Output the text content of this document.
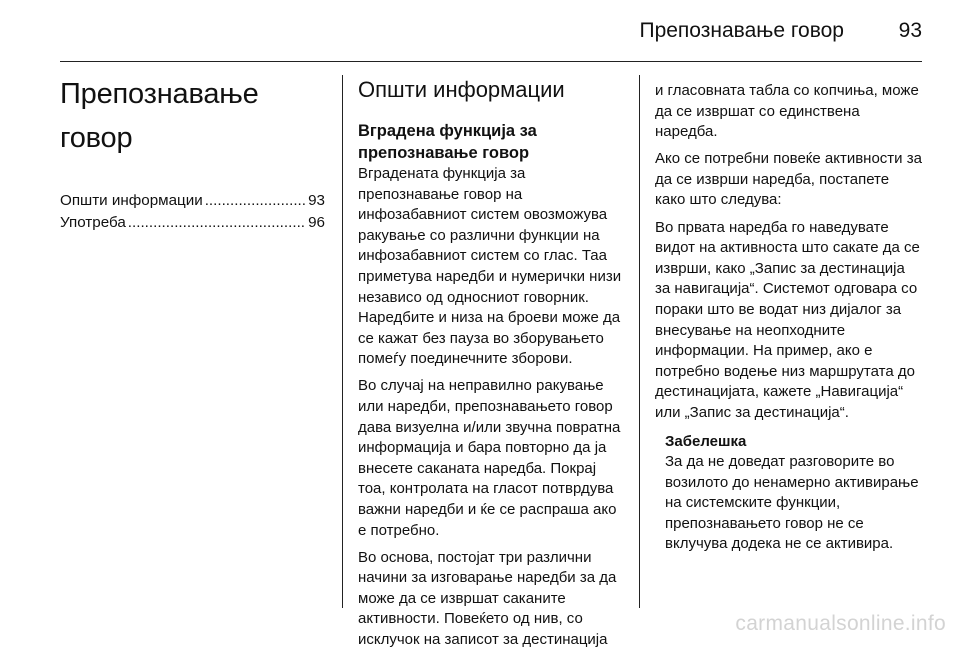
Препознавање говор	93
Препознавање говор
Општи информации .....	93
Употреба .....	96
Општи информации
Вградена функција за препознавање говор

Вградената функција за препознавање говор на инфозабавниот систем овозможува ракување со различни функции на инфозабавниот систем со глас. Таа приметува наредби и нумерички низи независо од односниот говорник. Наредбите и низа на броеви може да се кажат без пауза во зборувањето помеѓу поединечните зборови.

Во случај на неправилно ракување или наредби, препознавањето говор дава визуелна и/или звучна повратна информација и бара повторно да ја внесете саканата наредба. Покрај тоа, контролата на гласот потврдува важни наредби и ќе се распраша ако е потребно.

Во основа, постојат три различни начини за изговарање наредби за да може да се извршат саканите активности. Повеќето од нив, со исклучок на записот за дестинација

и гласовната табла со копчиња, може да се извршат со единствена наредба.

Ако се потребни повеќе активности за да се изврши наредба, постапете како што следува:

Во првата наредба го наведувате видот на активноста што сакате да се изврши, како „Запис за дестинација за навигација“. Системот одговара со пораки што ве водат низ дијалог за внесување на неопходните информации. На пример, ако е потребно водење низ маршрутата до дестинацијата, кажете „Навигација“ или „Запис за дестинација“.

Забелешка

За да не доведат разговорите во возилото до ненамерно активирање на системските функции, препознавањето говор не се вклучува додека не се активира.

carmanualsonline.info
